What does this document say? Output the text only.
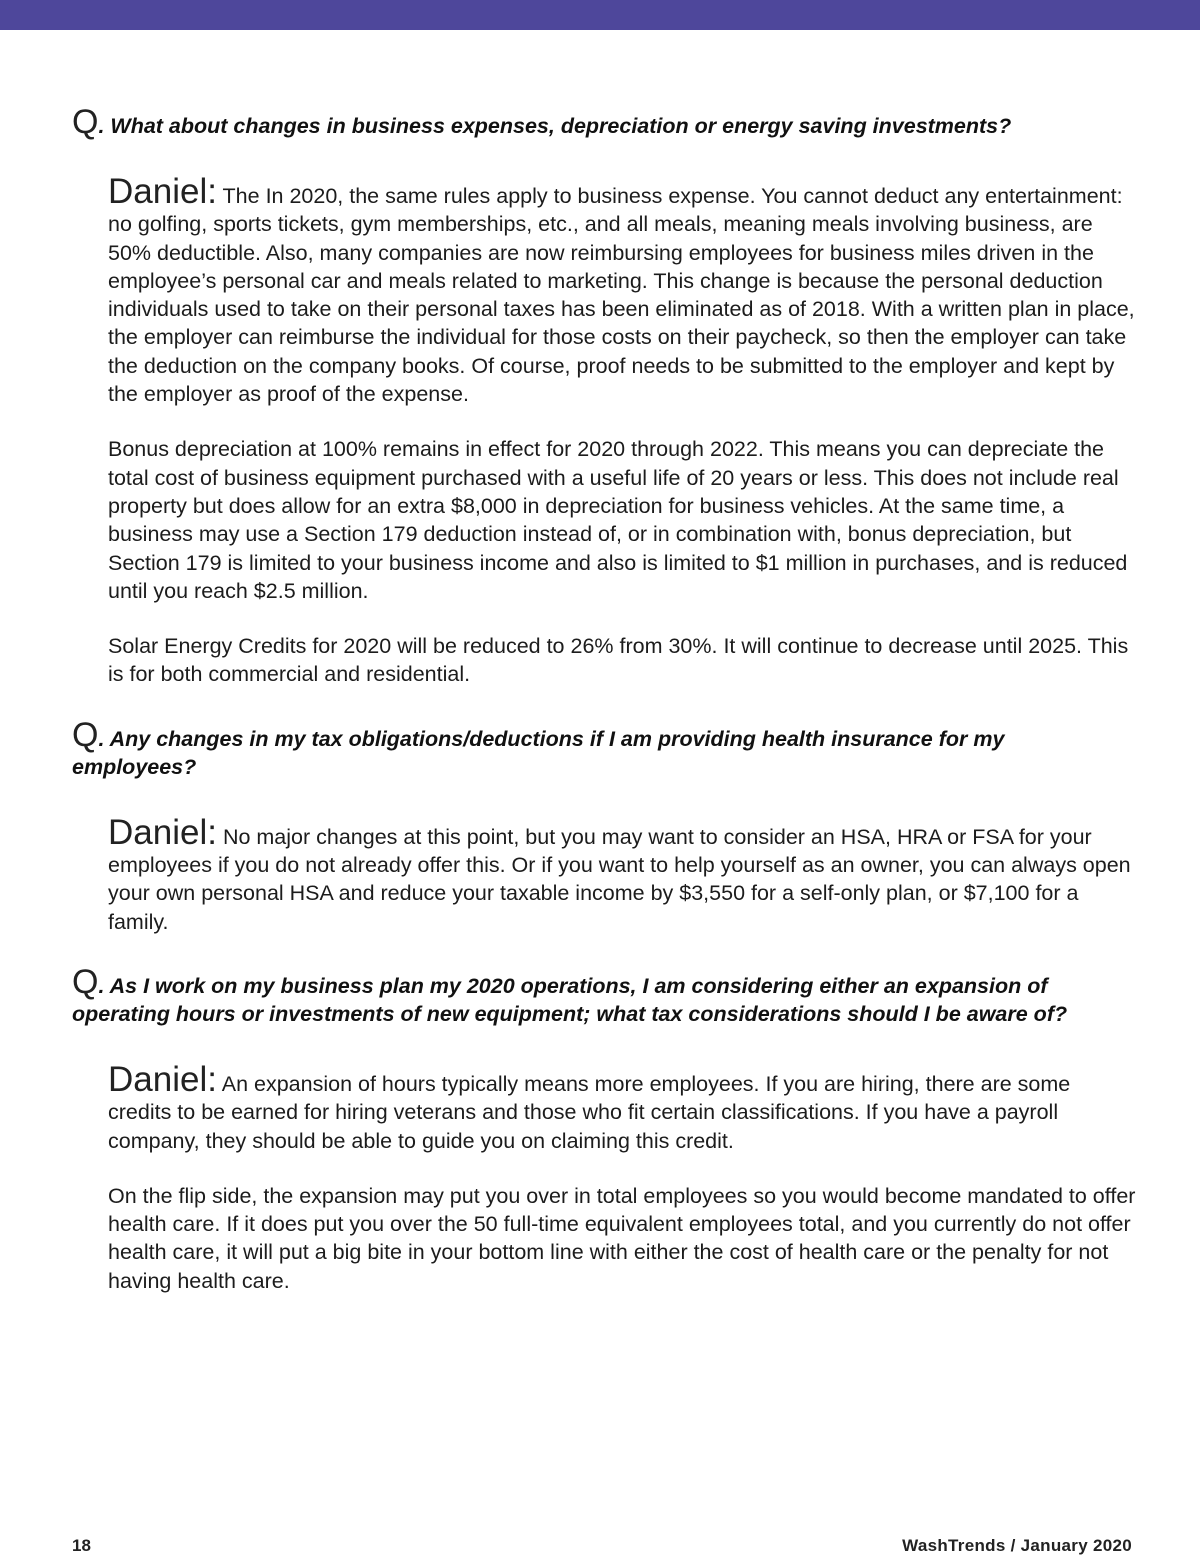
Q. What about changes in business expenses, depreciation or energy saving investments?

Daniel: The In 2020, the same rules apply to business expense. You cannot deduct any entertainment: no golfing, sports tickets, gym memberships, etc., and all meals, meaning meals involving business, are 50% deductible. Also, many companies are now reimbursing employees for business miles driven in the employee’s personal car and meals related to marketing. This change is because the personal deduction individuals used to take on their personal taxes has been eliminated as of 2018. With a written plan in place, the employer can reimburse the individual for those costs on their paycheck, so then the employer can take the deduction on the company books. Of course, proof needs to be submitted to the employer and kept by the employer as proof of the expense.

Bonus depreciation at 100% remains in effect for 2020 through 2022. This means you can depreciate the total cost of business equipment purchased with a useful life of 20 years or less. This does not include real property but does allow for an extra $8,000 in depreciation for business vehicles. At the same time, a business may use a Section 179 deduction instead of, or in combination with, bonus depreciation, but Section 179 is limited to your business income and also is limited to $1 million in purchases, and is reduced until you reach $2.5 million.

Solar Energy Credits for 2020 will be reduced to 26% from 30%. It will continue to decrease until 2025. This is for both commercial and residential.

Q. Any changes in my tax obligations/deductions if I am providing health insurance for my employees?

Daniel: No major changes at this point, but you may want to consider an HSA, HRA or FSA for your employees if you do not already offer this. Or if you want to help yourself as an owner, you can always open your own personal HSA and reduce your taxable income by $3,550 for a self-only plan, or $7,100 for a family.

Q. As I work on my business plan my 2020 operations, I am considering either an expansion of operating hours or investments of new equipment; what tax considerations should I be aware of?

Daniel: An expansion of hours typically means more employees. If you are hiring, there are some credits to be earned for hiring veterans and those who fit certain classifications. If you have a payroll company, they should be able to guide you on claiming this credit.

On the flip side, the expansion may put you over in total employees so you would become mandated to offer health care. If it does put you over the 50 full-time equivalent employees total, and you currently do not offer health care, it will put a big bite in your bottom line with either the cost of health care or the penalty for not having health care.

18	WashTrends / January 2020
